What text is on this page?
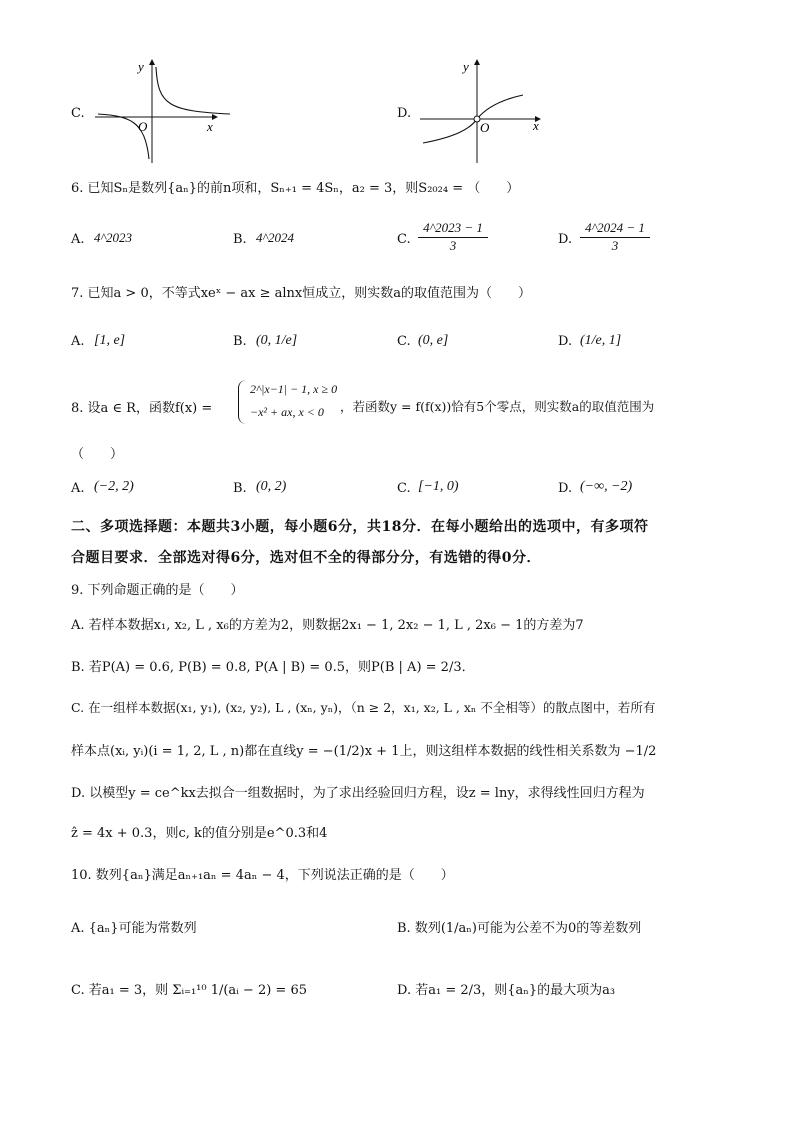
C.
O	x
y
D.
O	x
y
6. 已知Sₙ是数列{aₙ}的前n项和，Sₙ₊₁ = 4Sₙ，a₂ = 3，则S₂₀₂₄ = （　　）
A. 4^2023	B. 4^2024	C. $\frac{4\^{}2023 - 1}{3}$	D. $\frac{4\^{}2024 - 1}{3}$
7. 已知a > 0，不等式xeˣ − ax ≥ alnx恒成立，则实数a的取值范围为（　　）
A. [1, e]	B. (0, 1/e]	C. (0, e]	D. (1/e, 1]
8. 设a ∈ R，函数f(x) =
2^|x−1| − 1, x ≥ 0
−x² + ax, x < 0 ，若函数y = f(f(x))恰有5个零点，则实数a的取值范围为
（　　）
A. (−2, 2)	B. (0, 2)	C. [−1, 0)	D. (−∞, −2)
二、多项选择题：本题共3小题，每小题6分，共18分．在每小题给出的选项中，有多项符
合题目要求．全部选对得6分，选对但不全的得部分分，有选错的得0分．
9. 下列命题正确的是（　　）
A. 若样本数据x₁, x₂, L , x₆的方差为2，则数据2x₁ − 1, 2x₂ − 1, L , 2x₆ − 1的方差为7
B. 若P(A) = 0.6, P(B) = 0.8, P(A | B) = 0.5，则P(B | A) = 2/3．
C. 在一组样本数据(x₁, y₁), (x₂, y₂), L , (xₙ, yₙ)，（n ≥ 2，x₁, x₂, L , xₙ 不全相等）的散点图中，若所有
样本点(xᵢ, yᵢ)(i = 1, 2, L , n)都在直线y = −(1/2)x + 1上，则这组样本数据的线性相关系数为 −1/2
D. 以模型y = ce^kx去拟合一组数据时，为了求出经验回归方程，设z = lny，求得线性回归方程为
ẑ = 4x + 0.3，则c, k的值分别是e^0.3和4
10. 数列{aₙ}满足aₙ₊₁aₙ = 4aₙ − 4，下列说法正确的是（　　）
A. {aₙ}可能为常数列	B. 数列(1/aₙ)可能为公差不为0的等差数列
C. 若a₁ = 3，则 Σᵢ₌₁¹⁰ 1/(aᵢ − 2) = 65	D. 若a₁ = 2/3，则{aₙ}的最大项为a₃
